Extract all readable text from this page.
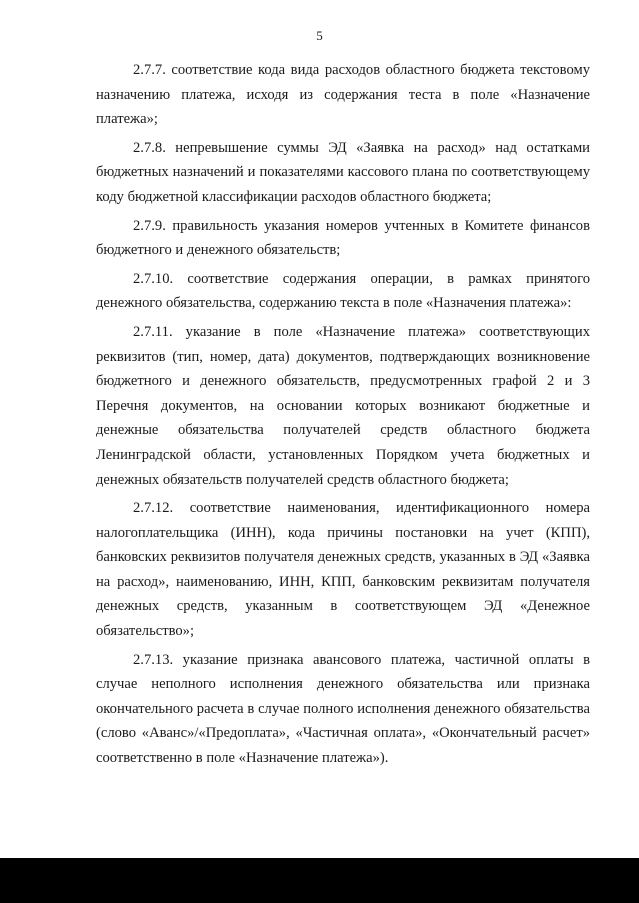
5

2.7.7. соответствие кода вида расходов областного бюджета текстовому назначению платежа, исходя из содержания теста в поле «Назначение платежа»;

2.7.8. непревышение суммы ЭД «Заявка на расход» над остатками бюджетных назначений и показателями кассового плана по соответствующему коду бюджетной классификации расходов областного бюджета;

2.7.9. правильность указания номеров учтенных в Комитете финансов бюджетного и денежного обязательств;

2.7.10. соответствие содержания операции, в рамках принятого денежного обязательства, содержанию текста в поле «Назначения платежа»:

2.7.11. указание в поле «Назначение платежа» соответствующих реквизитов (тип, номер, дата) документов, подтверждающих возникновение бюджетного и денежного обязательств, предусмотренных графой 2 и 3 Перечня документов, на основании которых возникают бюджетные и денежные обязательства получателей средств областного бюджета Ленинградской области, установленных Порядком учета бюджетных и денежных обязательств получателей средств областного бюджета;

2.7.12. соответствие наименования, идентификационного номера налогоплательщика (ИНН), кода причины постановки на учет (КПП), банковских реквизитов получателя денежных средств, указанных в ЭД «Заявка на расход», наименованию, ИНН, КПП, банковским реквизитам получателя денежных средств, указанным в соответствующем ЭД «Денежное обязательство»;

2.7.13. указание признака авансового платежа, частичной оплаты в случае неполного исполнения денежного обязательства или признака окончательного расчета в случае полного исполнения денежного обязательства (слово «Аванс»/«Предоплата», «Частичная оплата», «Окончательный расчет» соответственно в поле «Назначение платежа»).
